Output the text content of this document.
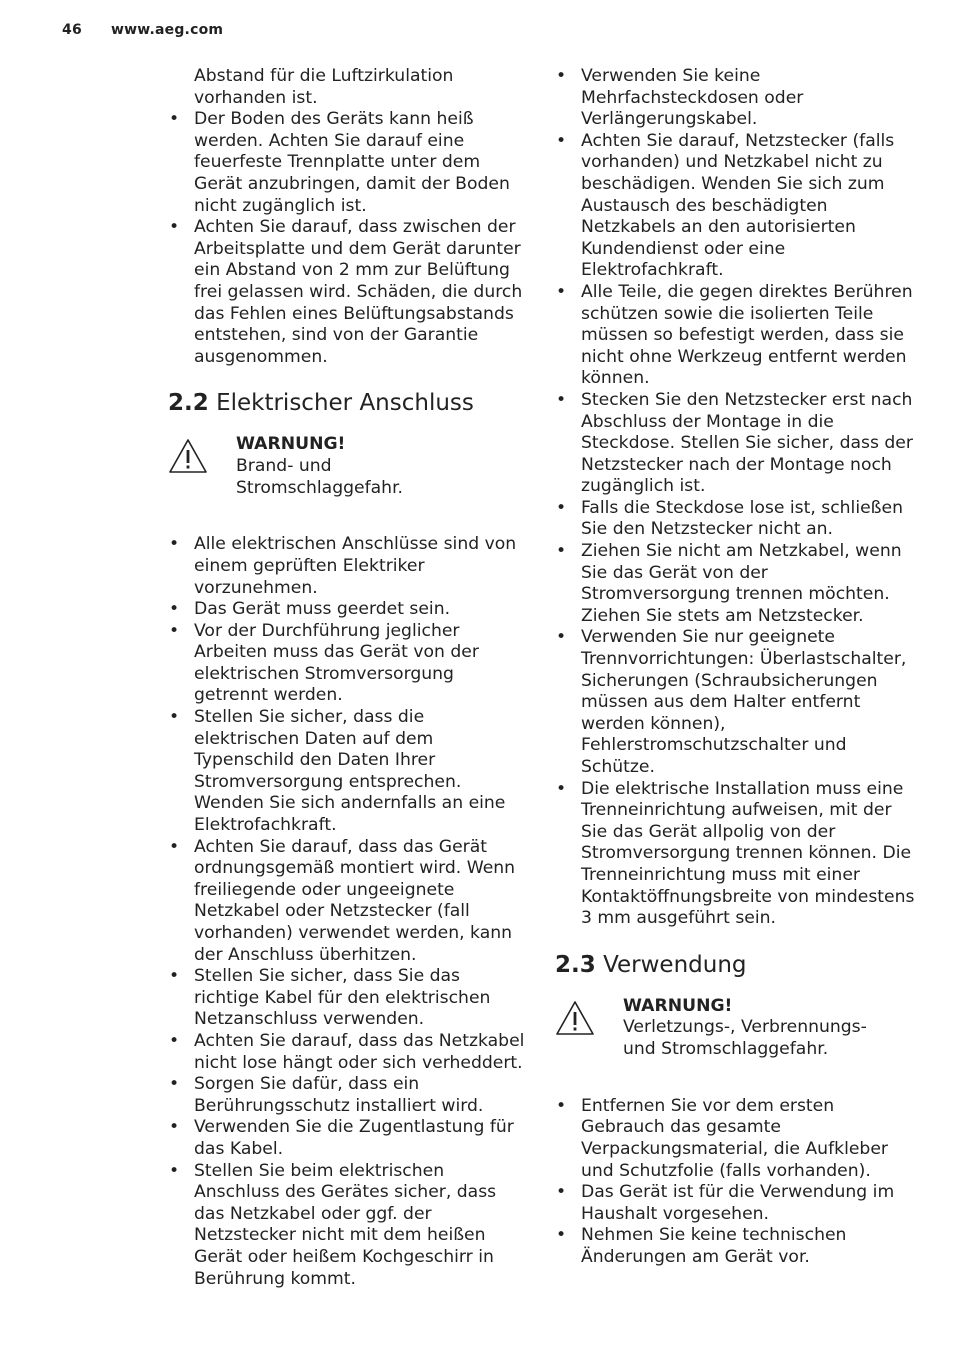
46 www.aeg.com
Abstand für die Luftzirkulation vorhanden ist.
• Der Boden des Geräts kann heiß werden. Achten Sie darauf eine feuerfeste Trennplatte unter dem Gerät anzubringen, damit der Boden nicht zugänglich ist.
• Achten Sie darauf, dass zwischen der Arbeitsplatte und dem Gerät darunter ein Abstand von 2 mm zur Belüftung frei gelassen wird. Schäden, die durch das Fehlen eines Belüftungsabstands entstehen, sind von der Garantie ausgenommen.
2.2 Elektrischer Anschluss
WARNUNG!
Brand- und Stromschlaggefahr.
• Alle elektrischen Anschlüsse sind von einem geprüften Elektriker vorzunehmen.
• Das Gerät muss geerdet sein.
• Vor der Durchführung jeglicher Arbeiten muss das Gerät von der elektrischen Stromversorgung getrennt werden.
• Stellen Sie sicher, dass die elektrischen Daten auf dem Typenschild den Daten Ihrer Stromversorgung entsprechen. Wenden Sie sich andernfalls an eine Elektrofachkraft.
• Achten Sie darauf, dass das Gerät ordnungsgemäß montiert wird. Wenn freiliegende oder ungeeignete Netzkabel oder Netzstecker (fall vorhanden) verwendet werden, kann der Anschluss überhitzen.
• Stellen Sie sicher, dass Sie das richtige Kabel für den elektrischen Netzanschluss verwenden.
• Achten Sie darauf, dass das Netzkabel nicht lose hängt oder sich verheddert.
• Sorgen Sie dafür, dass ein Berührungsschutz installiert wird.
• Verwenden Sie die Zugentlastung für das Kabel.
• Stellen Sie beim elektrischen Anschluss des Gerätes sicher, dass das Netzkabel oder ggf. der Netzstecker nicht mit dem heißen Gerät oder heißem Kochgeschirr in Berührung kommt.
• Verwenden Sie keine Mehrfachsteckdosen oder Verlängerungskabel.
• Achten Sie darauf, Netzstecker (falls vorhanden) und Netzkabel nicht zu beschädigen. Wenden Sie sich zum Austausch des beschädigten Netzkabels an den autorisierten Kundendienst oder eine Elektrofachkraft.
• Alle Teile, die gegen direktes Berühren schützen sowie die isolierten Teile müssen so befestigt werden, dass sie nicht ohne Werkzeug entfernt werden können.
• Stecken Sie den Netzstecker erst nach Abschluss der Montage in die Steckdose. Stellen Sie sicher, dass der Netzstecker nach der Montage noch zugänglich ist.
• Falls die Steckdose lose ist, schließen Sie den Netzstecker nicht an.
• Ziehen Sie nicht am Netzkabel, wenn Sie das Gerät von der Stromversorgung trennen möchten. Ziehen Sie stets am Netzstecker.
• Verwenden Sie nur geeignete Trennvorrichtungen: Überlastschalter, Sicherungen (Schraubsicherungen müssen aus dem Halter entfernt werden können), Fehlerstromschutzschalter und Schütze.
• Die elektrische Installation muss eine Trenneinrichtung aufweisen, mit der Sie das Gerät allpolig von der Stromversorgung trennen können. Die Trenneinrichtung muss mit einer Kontaktöffnungsbreite von mindestens 3 mm ausgeführt sein.
2.3 Verwendung
WARNUNG!
Verletzungs-, Verbrennungs- und Stromschlaggefahr.
• Entfernen Sie vor dem ersten Gebrauch das gesamte Verpackungsmaterial, die Aufkleber und Schutzfolie (falls vorhanden).
• Das Gerät ist für die Verwendung im Haushalt vorgesehen.
• Nehmen Sie keine technischen Änderungen am Gerät vor.
